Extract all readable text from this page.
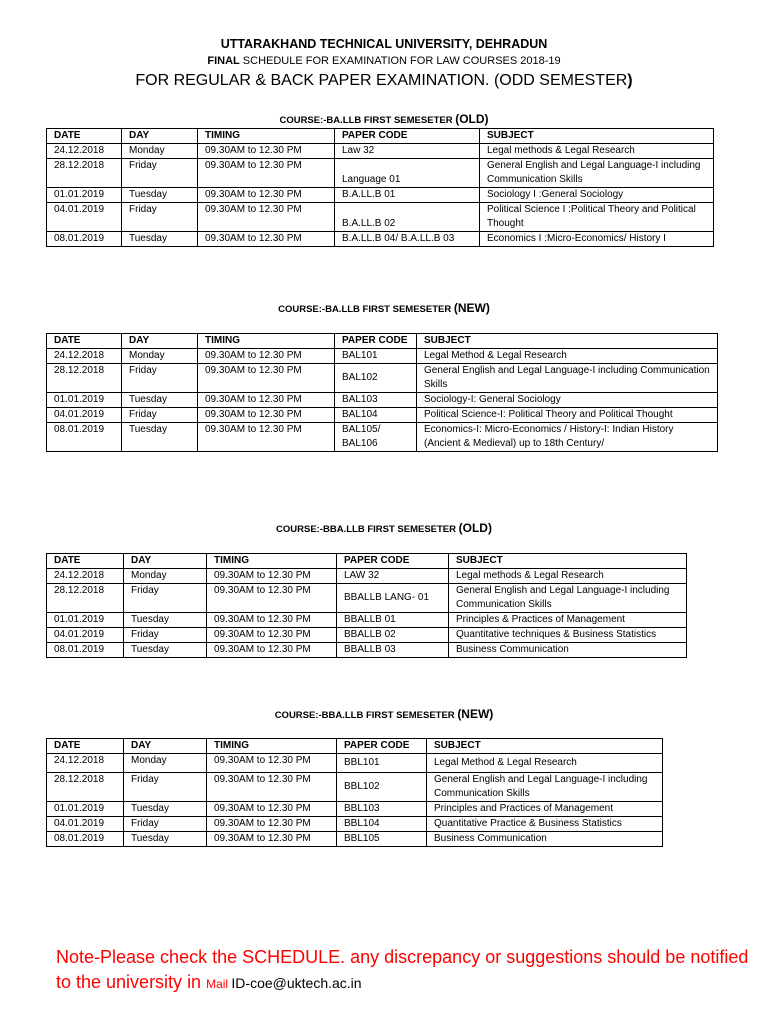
UTTARAKHAND TECHNICAL UNIVERSITY, DEHRADUN
FINAL SCHEDULE FOR EXAMINATION FOR LAW COURSES 2018-19
FOR REGULAR & BACK PAPER EXAMINATION. (ODD SEMESTER)
COURSE:-BA.LLB FIRST SEMESETER (OLD)
DATE	DAY	TIMING	PAPER CODE	SUBJECT
24.12.2018	Monday	09.30AM to 12.30 PM	Law 32	Legal methods & Legal Research
28.12.2018	Friday	09.30AM to 12.30 PM	Language 01	General English and Legal Language-I including Communication Skills
01.01.2019	Tuesday	09.30AM to 12.30 PM	B.A.LL.B 01	Sociology I :General Sociology
04.01.2019	Friday	09.30AM to 12.30 PM	B.A.LL.B 02	Political Science I :Political Theory and Political Thought
08.01.2019	Tuesday	09.30AM to 12.30 PM	B.A.LL.B 04/ B.A.LL.B 03	Economics I :Micro-Economics/ History I
COURSE:-BA.LLB FIRST SEMESETER (NEW)
DATE	DAY	TIMING	PAPER CODE	SUBJECT
24.12.2018	Monday	09.30AM to 12.30 PM	BAL101	Legal Method & Legal Research
28.12.2018	Friday	09.30AM to 12.30 PM	BAL102	General English and Legal Language-I including Communication Skills
01.01.2019	Tuesday	09.30AM to 12.30 PM	BAL103	Sociology-I: General Sociology
04.01.2019	Friday	09.30AM to 12.30 PM	BAL104	Political Science-I: Political Theory and Political Thought
08.01.2019	Tuesday	09.30AM to 12.30 PM	BAL105/ BAL106	Economics-I: Micro-Economics / History-I: Indian History (Ancient & Medieval) up to 18th Century/
COURSE:-BBA.LLB FIRST SEMESETER (OLD)
DATE	DAY	TIMING	PAPER CODE	SUBJECT
24.12.2018	Monday	09.30AM to 12.30 PM	LAW 32	Legal methods & Legal Research
28.12.2018	Friday	09.30AM to 12.30 PM	BBALLB LANG- 01	General English and Legal Language-I including Communication Skills
01.01.2019	Tuesday	09.30AM to 12.30 PM	BBALLB 01	Principles & Practices of Management
04.01.2019	Friday	09.30AM to 12.30 PM	BBALLB 02	Quantitative techniques & Business Statistics
08.01.2019	Tuesday	09.30AM to 12.30 PM	BBALLB 03	Business Communication
COURSE:-BBA.LLB FIRST SEMESETER (NEW)
DATE	DAY	TIMING	PAPER CODE	SUBJECT
24.12.2018	Monday	09.30AM to 12.30 PM	BBL101	Legal Method & Legal Research
28.12.2018	Friday	09.30AM to 12.30 PM	BBL102	General English and Legal Language-I including Communication Skills
01.01.2019	Tuesday	09.30AM to 12.30 PM	BBL103	Principles and Practices of Management
04.01.2019	Friday	09.30AM to 12.30 PM	BBL104	Quantitative Practice & Business Statistics
08.01.2019	Tuesday	09.30AM to 12.30 PM	BBL105	Business Communication
Note-Please check the SCHEDULE. any discrepancy or suggestions should be notified to the university in Mail ID-coe@uktech.ac.in
